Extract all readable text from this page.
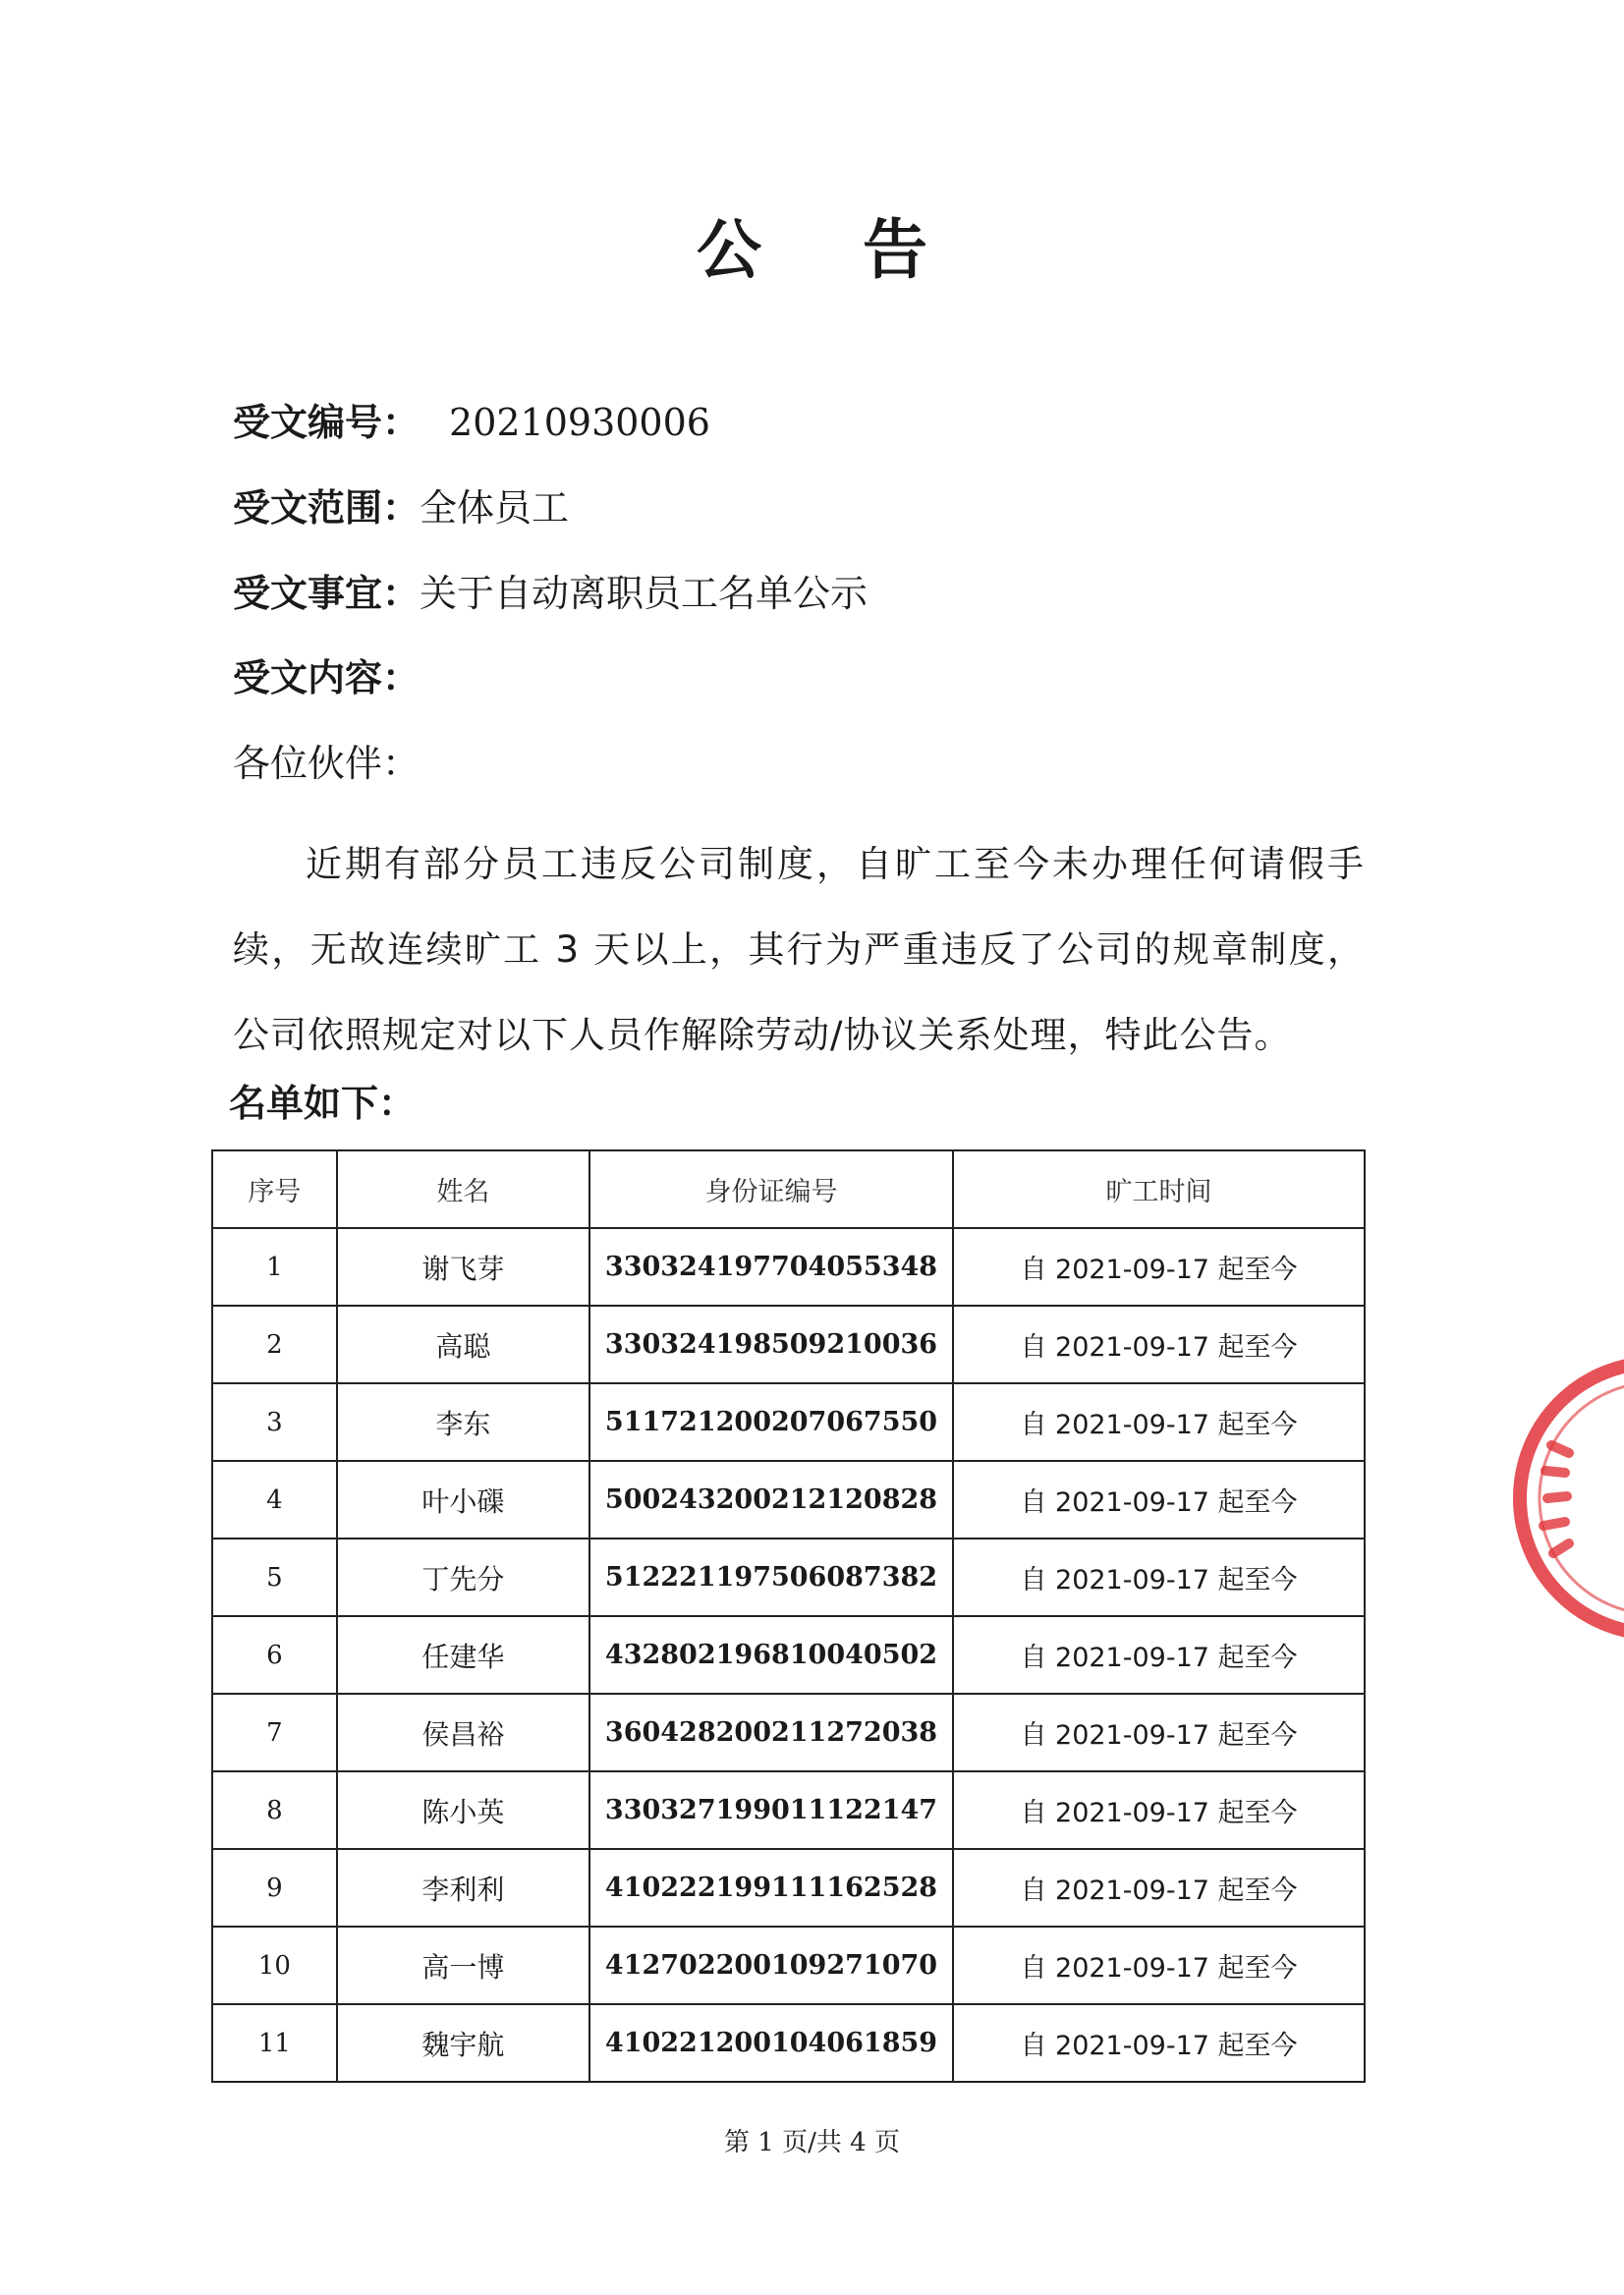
公 告
受文编号： 20210930006
受文范围：全体员工
受文事宜：关于自动离职员工名单公示
受文内容：
各位伙伴：
近期有部分员工违反公司制度，自旷工至今未办理任何请假手续，无故连续旷工 3 天以上，其行为严重违反了公司的规章制度，公司依照规定对以下人员作解除劳动/协议关系处理，特此公告。
名单如下：
序号	姓名	身份证编号	旷工时间
1	谢飞芽	330324197704055348	自 2021-09-17 起至今
2	高聪	330324198509210036	自 2021-09-17 起至今
3	李东	511721200207067550	自 2021-09-17 起至今
4	叶小磲	500243200212120828	自 2021-09-17 起至今
5	丁先分	512221197506087382	自 2021-09-17 起至今
6	任建华	432802196810040502	自 2021-09-17 起至今
7	侯昌裕	360428200211272038	自 2021-09-17 起至今
8	陈小英	330327199011122147	自 2021-09-17 起至今
9	李利利	410222199111162528	自 2021-09-17 起至今
10	高一博	412702200109271070	自 2021-09-17 起至今
11	魏宇航	410221200104061859	自 2021-09-17 起至今
第 1 页/共 4 页
